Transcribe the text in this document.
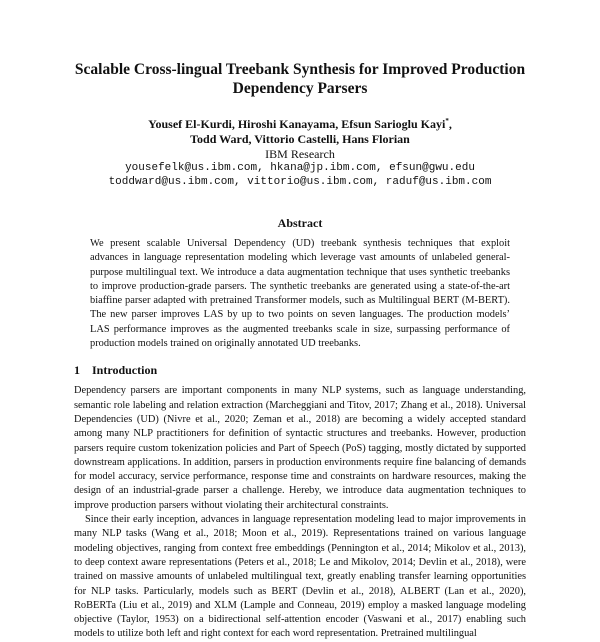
Scalable Cross-lingual Treebank Synthesis for Improved Production
Dependency Parsers
Yousef El-Kurdi, Hiroshi Kanayama, Efsun Sarioglu Kayi*,
Todd Ward, Vittorio Castelli, Hans Florian
IBM Research
yousefelk@us.ibm.com, hkana@jp.ibm.com, efsun@gwu.edu
toddward@us.ibm.com, vittorio@us.ibm.com, raduf@us.ibm.com
Abstract
We present scalable Universal Dependency (UD) treebank synthesis techniques that exploit advances in language representation modeling which leverage vast amounts of unlabeled general-purpose multilingual text. We introduce a data augmentation technique that uses synthetic treebanks to improve production-grade parsers. The synthetic treebanks are generated using a state-of-the-art biaffine parser adapted with pretrained Transformer models, such as Multilingual BERT (M-BERT). The new parser improves LAS by up to two points on seven languages. The production models’ LAS performance improves as the augmented treebanks scale in size, surpassing performance of production models trained on originally annotated UD treebanks.
1 Introduction

Dependency parsers are important components in many NLP systems, such as language understanding, semantic role labeling and relation extraction (Marcheggiani and Titov, 2017; Zhang et al., 2018). Universal Dependencies (UD) (Nivre et al., 2020; Zeman et al., 2018) are becoming a widely accepted standard among many NLP practitioners for definition of syntactic structures and treebanks. However, production parsers require custom tokenization policies and Part of Speech (PoS) tagging, mostly dictated by supported downstream applications. In addition, parsers in production environments require fine balancing of demands for model accuracy, service performance, response time and constraints on hardware resources, making the design of an industrial-grade parser a challenge. Hereby, we introduce data augmentation techniques to improve production parsers without violating their architectural constraints.

Since their early inception, advances in language representation modeling lead to major improvements in many NLP tasks (Wang et al., 2018; Moon et al., 2019). Representations trained on various language modeling objectives, ranging from context free embeddings (Pennington et al., 2014; Mikolov et al., 2013), to deep context aware representations (Peters et al., 2018; Le and Mikolov, 2014; Devlin et al., 2018), were trained on massive amounts of unlabeled multilingual text, greatly enabling transfer learning opportunities for NLP tasks. Particularly, models such as BERT (Devlin et al., 2018), ALBERT (Lan et al., 2020), RoBERTa (Liu et al., 2019) and XLM (Lample and Conneau, 2019) employ a masked language modeling objective (Taylor, 1953) on a bidirectional self-attention encoder (Vaswani et al., 2017) enabling such models to utilize both left and right context for each word representation. Pretrained multilingual
